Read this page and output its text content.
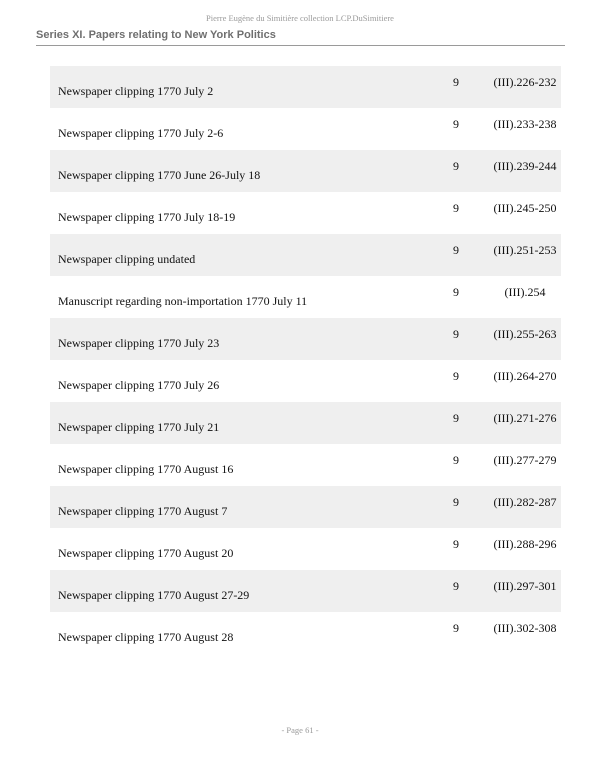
Pierre Eugène du Simitière collection LCP.DuSimitiere
Series XI. Papers relating to New York Politics
Newspaper clipping 1770 July 2
9	(III).226-232
Newspaper clipping 1770 July 2-6
9	(III).233-238
Newspaper clipping 1770 June 26-July 18
9	(III).239-244
Newspaper clipping 1770 July 18-19
9	(III).245-250
Newspaper clipping undated
9	(III).251-253
Manuscript regarding non-importation 1770 July 11
9	(III).254
Newspaper clipping 1770 July 23
9	(III).255-263
Newspaper clipping 1770 July 26
9	(III).264-270
Newspaper clipping 1770 July 21
9	(III).271-276
Newspaper clipping 1770 August 16
9	(III).277-279
Newspaper clipping 1770 August 7
9	(III).282-287
Newspaper clipping 1770 August 20
9	(III).288-296
Newspaper clipping 1770 August 27-29
9	(III).297-301
Newspaper clipping 1770 August 28
9	(III).302-308
- Page 61 -
